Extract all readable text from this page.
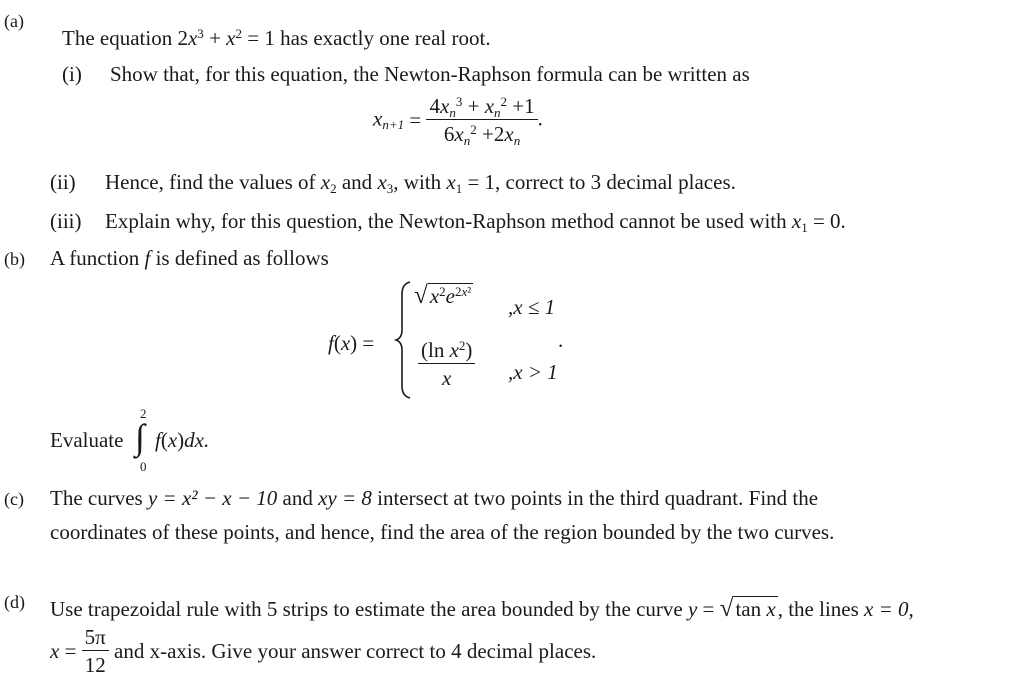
(a)
The equation $2x^3 + x^2 = 1$ has exactly one real root.
(i) Show that, for this equation, the Newton-Raphson formula can be written as
$x_{n+1} = \frac{4x_n^3 + x_n^2 +1}{6x_n^2 +2x_n}$ .
(ii) Hence, find the values of $x_2$ and $x_3$, with $x_1 = 1$, correct to 3 decimal places.
(iii) Explain why, for this question, the Newton-Raphson method cannot be used with $x_1 = 0$.
(b) A function f is defined as follows
f(x) =
$√x^2e^{2x^2}$
,x ≤ 1
$\frac{(\ln x^2)}{x} ,x > 1$
.
Evaluate
2
∫
0
f(x)dx.
(c) The curves y = x² − x − 10 and xy = 8 intersect at two points in the third quadrant. Find the
coordinates of these points, and hence, find the area of the region bounded by the two curves.
(d) Use trapezoidal rule with 5 strips to estimate the area bounded by the curve y = √tan x, the lines x = 0,
$x = \frac{5\pi}{12}$ and x-axis. Give your answer correct to 4 decimal places.
